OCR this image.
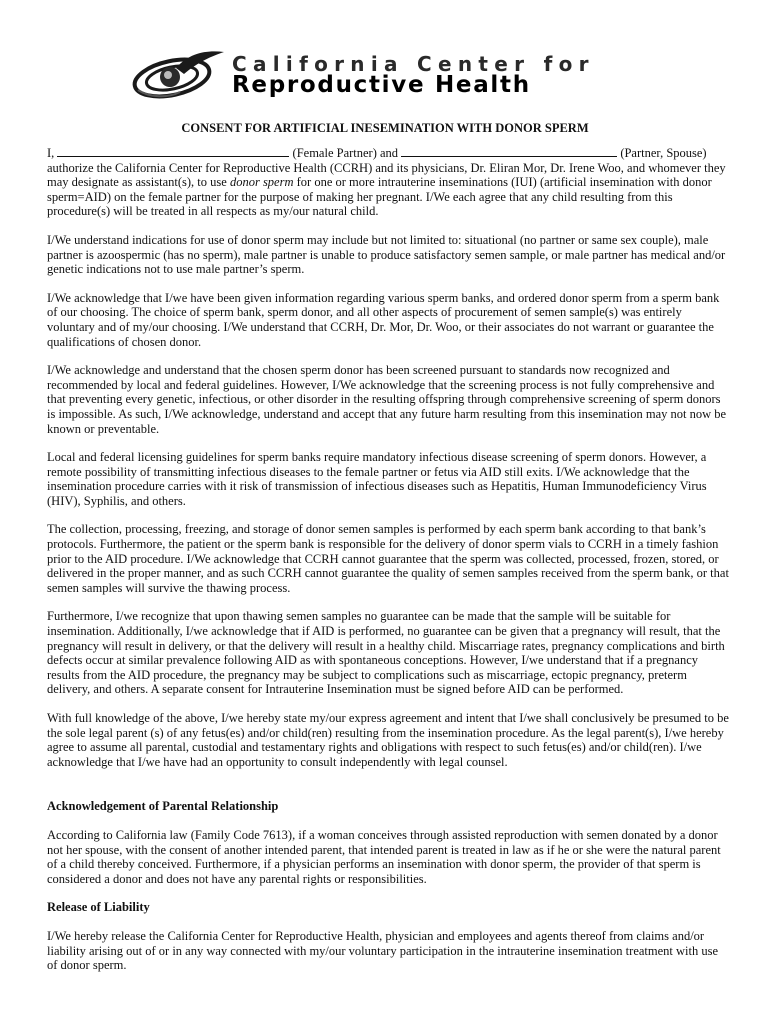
California Center for
Reproductive Health
CONSENT FOR ARTIFICIAL INESEMINATION WITH DONOR SPERM

I,	(Female Partner) and	(Partner, Spouse) authorize the California Center for Reproductive Health (CCRH) and its physicians, Dr. Eliran Mor, Dr. Irene Woo, and whomever they may designate as assistant(s), to use donor sperm for one or more intrauterine inseminations (IUI) (artificial insemination with donor sperm=AID) on the female partner for the purpose of making her pregnant. I/We each agree that any child resulting from this procedure(s) will be treated in all respects as my/our natural child.

I/We understand indications for use of donor sperm may include but not limited to: situational (no partner or same sex couple), male partner is azoospermic (has no sperm), male partner is unable to produce satisfactory semen sample, or male partner has medical and/or genetic indications not to use male partner’s sperm.

I/We acknowledge that I/we have been given information regarding various sperm banks, and ordered donor sperm from a sperm bank of our choosing. The choice of sperm bank, sperm donor, and all other aspects of procurement of semen sample(s) was entirely voluntary and of my/our choosing. I/We understand that CCRH, Dr. Mor, Dr. Woo, or their associates do not warrant or guarantee the qualifications of chosen donor.

I/We acknowledge and understand that the chosen sperm donor has been screened pursuant to standards now recognized and recommended by local and federal guidelines. However, I/We acknowledge that the screening process is not fully comprehensive and that preventing every genetic, infectious, or other disorder in the resulting offspring through comprehensive screening of sperm donors is impossible. As such, I/We acknowledge, understand and accept that any future harm resulting from this insemination may not now be known or preventable.

Local and federal licensing guidelines for sperm banks require mandatory infectious disease screening of sperm donors. However, a remote possibility of transmitting infectious diseases to the female partner or fetus via AID still exits. I/We acknowledge that the insemination procedure carries with it risk of transmission of infectious diseases such as Hepatitis, Human Immunodeficiency Virus (HIV), Syphilis, and others.

The collection, processing, freezing, and storage of donor semen samples is performed by each sperm bank according to that bank’s protocols. Furthermore, the patient or the sperm bank is responsible for the delivery of donor sperm vials to CCRH in a timely fashion prior to the AID procedure. I/We acknowledge that CCRH cannot guarantee that the sperm was collected, processed, frozen, stored, or delivered in the proper manner, and as such CCRH cannot guarantee the quality of semen samples received from the sperm bank, or that semen samples will survive the thawing process.

Furthermore, I/we recognize that upon thawing semen samples no guarantee can be made that the sample will be suitable for insemination. Additionally, I/we acknowledge that if AID is performed, no guarantee can be given that a pregnancy will result, that the pregnancy will result in delivery, or that the delivery will result in a healthy child. Miscarriage rates, pregnancy complications and birth defects occur at similar prevalence following AID as with spontaneous conceptions. However, I/we understand that if a pregnancy results from the AID procedure, the pregnancy may be subject to complications such as miscarriage, ectopic pregnancy, preterm delivery, and others. A separate consent for Intrauterine Insemination must be signed before AID can be performed.

With full knowledge of the above, I/we hereby state my/our express agreement and intent that I/we shall conclusively be presumed to be the sole legal parent (s) of any fetus(es) and/or child(ren) resulting from the insemination procedure. As the legal parent(s), I/we hereby agree to assume all parental, custodial and testamentary rights and obligations with respect to such fetus(es) and/or child(ren). I/we acknowledge that I/we have had an opportunity to consult independently with legal counsel.

Acknowledgement of Parental Relationship

According to California law (Family Code 7613), if a woman conceives through assisted reproduction with semen donated by a donor not her spouse, with the consent of another intended parent, that intended parent is treated in law as if he or she were the natural parent of a child thereby conceived. Furthermore, if a physician performs an insemination with donor sperm, the provider of that sperm is considered a donor and does not have any parental rights or responsibilities.

Release of Liability

I/We hereby release the California Center for Reproductive Health, physician and employees and agents thereof from claims and/or liability arising out of or in any way connected with my/our voluntary participation in the intrauterine insemination treatment with use of donor sperm.
